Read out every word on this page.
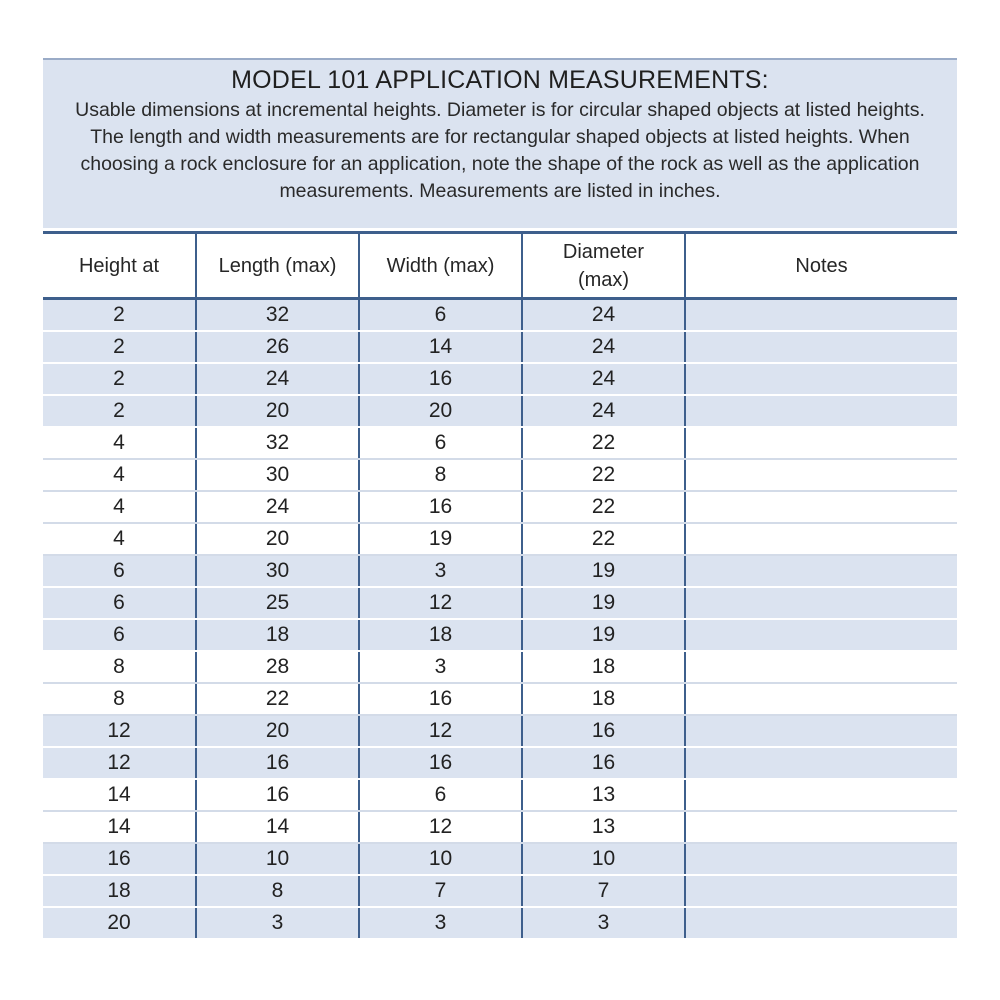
MODEL 101 APPLICATION MEASUREMENTS:
Usable dimensions at incremental heights. Diameter is for circular shaped objects at listed heights. The length and width measurements are for rectangular shaped objects at listed heights. When choosing a rock enclosure for an application, note the shape of the rock as well as the application measurements. Measurements are listed in inches.
Height at	Length (max)	Width (max)	Diameter (max)	Notes
2	32	6	24	
2	26	14	24	
2	24	16	24	
2	20	20	24	
4	32	6	22	
4	30	8	22	
4	24	16	22	
4	20	19	22	
6	30	3	19	
6	25	12	19	
6	18	18	19	
8	28	3	18	
8	22	16	18	
12	20	12	16	
12	16	16	16	
14	16	6	13	
14	14	12	13	
16	10	10	10	
18	8	7	7	
20	3	3	3	
